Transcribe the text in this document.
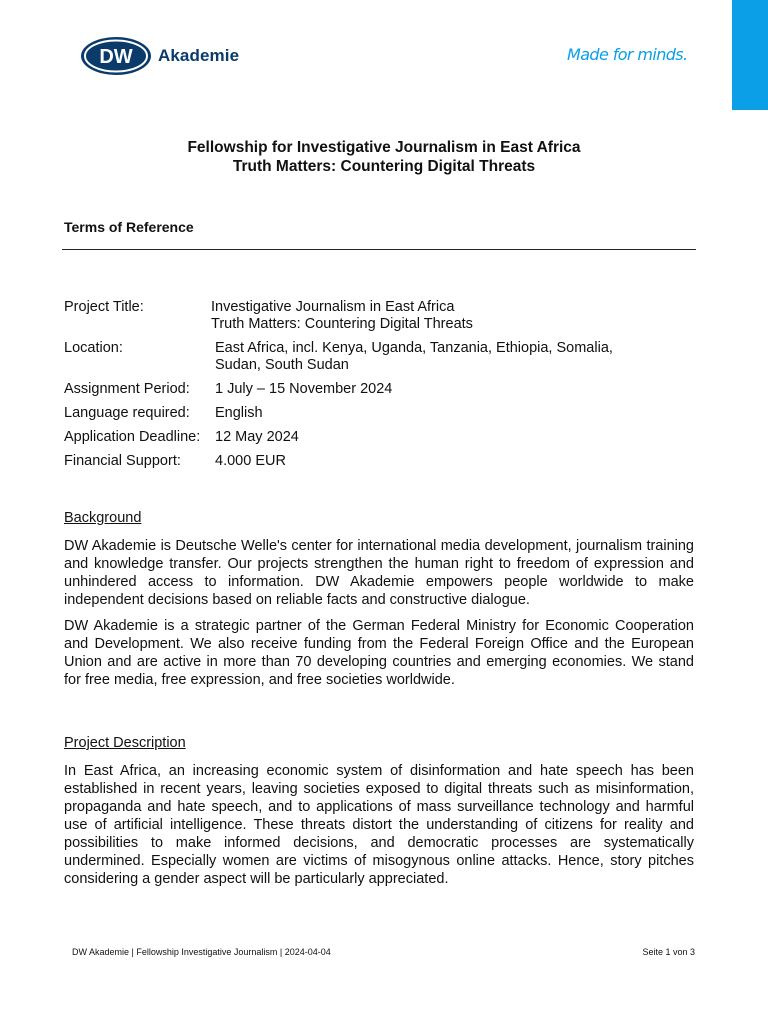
DW Akademie	Made for minds.
Fellowship for Investigative Journalism in East Africa
Truth Matters: Countering Digital Threats
Terms of Reference
Project Title:	Investigative Journalism in East Africa
Truth Matters: Countering Digital Threats
Location:	East Africa, incl. Kenya, Uganda, Tanzania, Ethiopia, Somalia,
Sudan, South Sudan
Assignment Period:	1 July – 15 November 2024
Language required:	English
Application Deadline:	12 May 2024
Financial Support:	4.000 EUR
Background

DW Akademie is Deutsche Welle's center for international media development, journalism training and knowledge transfer. Our projects strengthen the human right to freedom of expression and unhindered access to information. DW Akademie empowers people worldwide to make independent decisions based on reliable facts and constructive dialogue.

DW Akademie is a strategic partner of the German Federal Ministry for Economic Cooperation and Development. We also receive funding from the Federal Foreign Office and the European Union and are active in more than 70 developing countries and emerging economies. We stand for free media, free expression, and free societies worldwide.

Project Description

In East Africa, an increasing economic system of disinformation and hate speech has been established in recent years, leaving societies exposed to digital threats such as misinformation, propaganda and hate speech, and to applications of mass surveillance technology and harmful use of artificial intelligence. These threats distort the understanding of citizens for reality and possibilities to make informed decisions, and democratic processes are systematically undermined. Especially women are victims of misogynous online attacks. Hence, story pitches considering a gender aspect will be particularly appreciated.

DW Akademie | Fellowship Investigative Journalism | 2024-04-04	Seite 1 von 3
